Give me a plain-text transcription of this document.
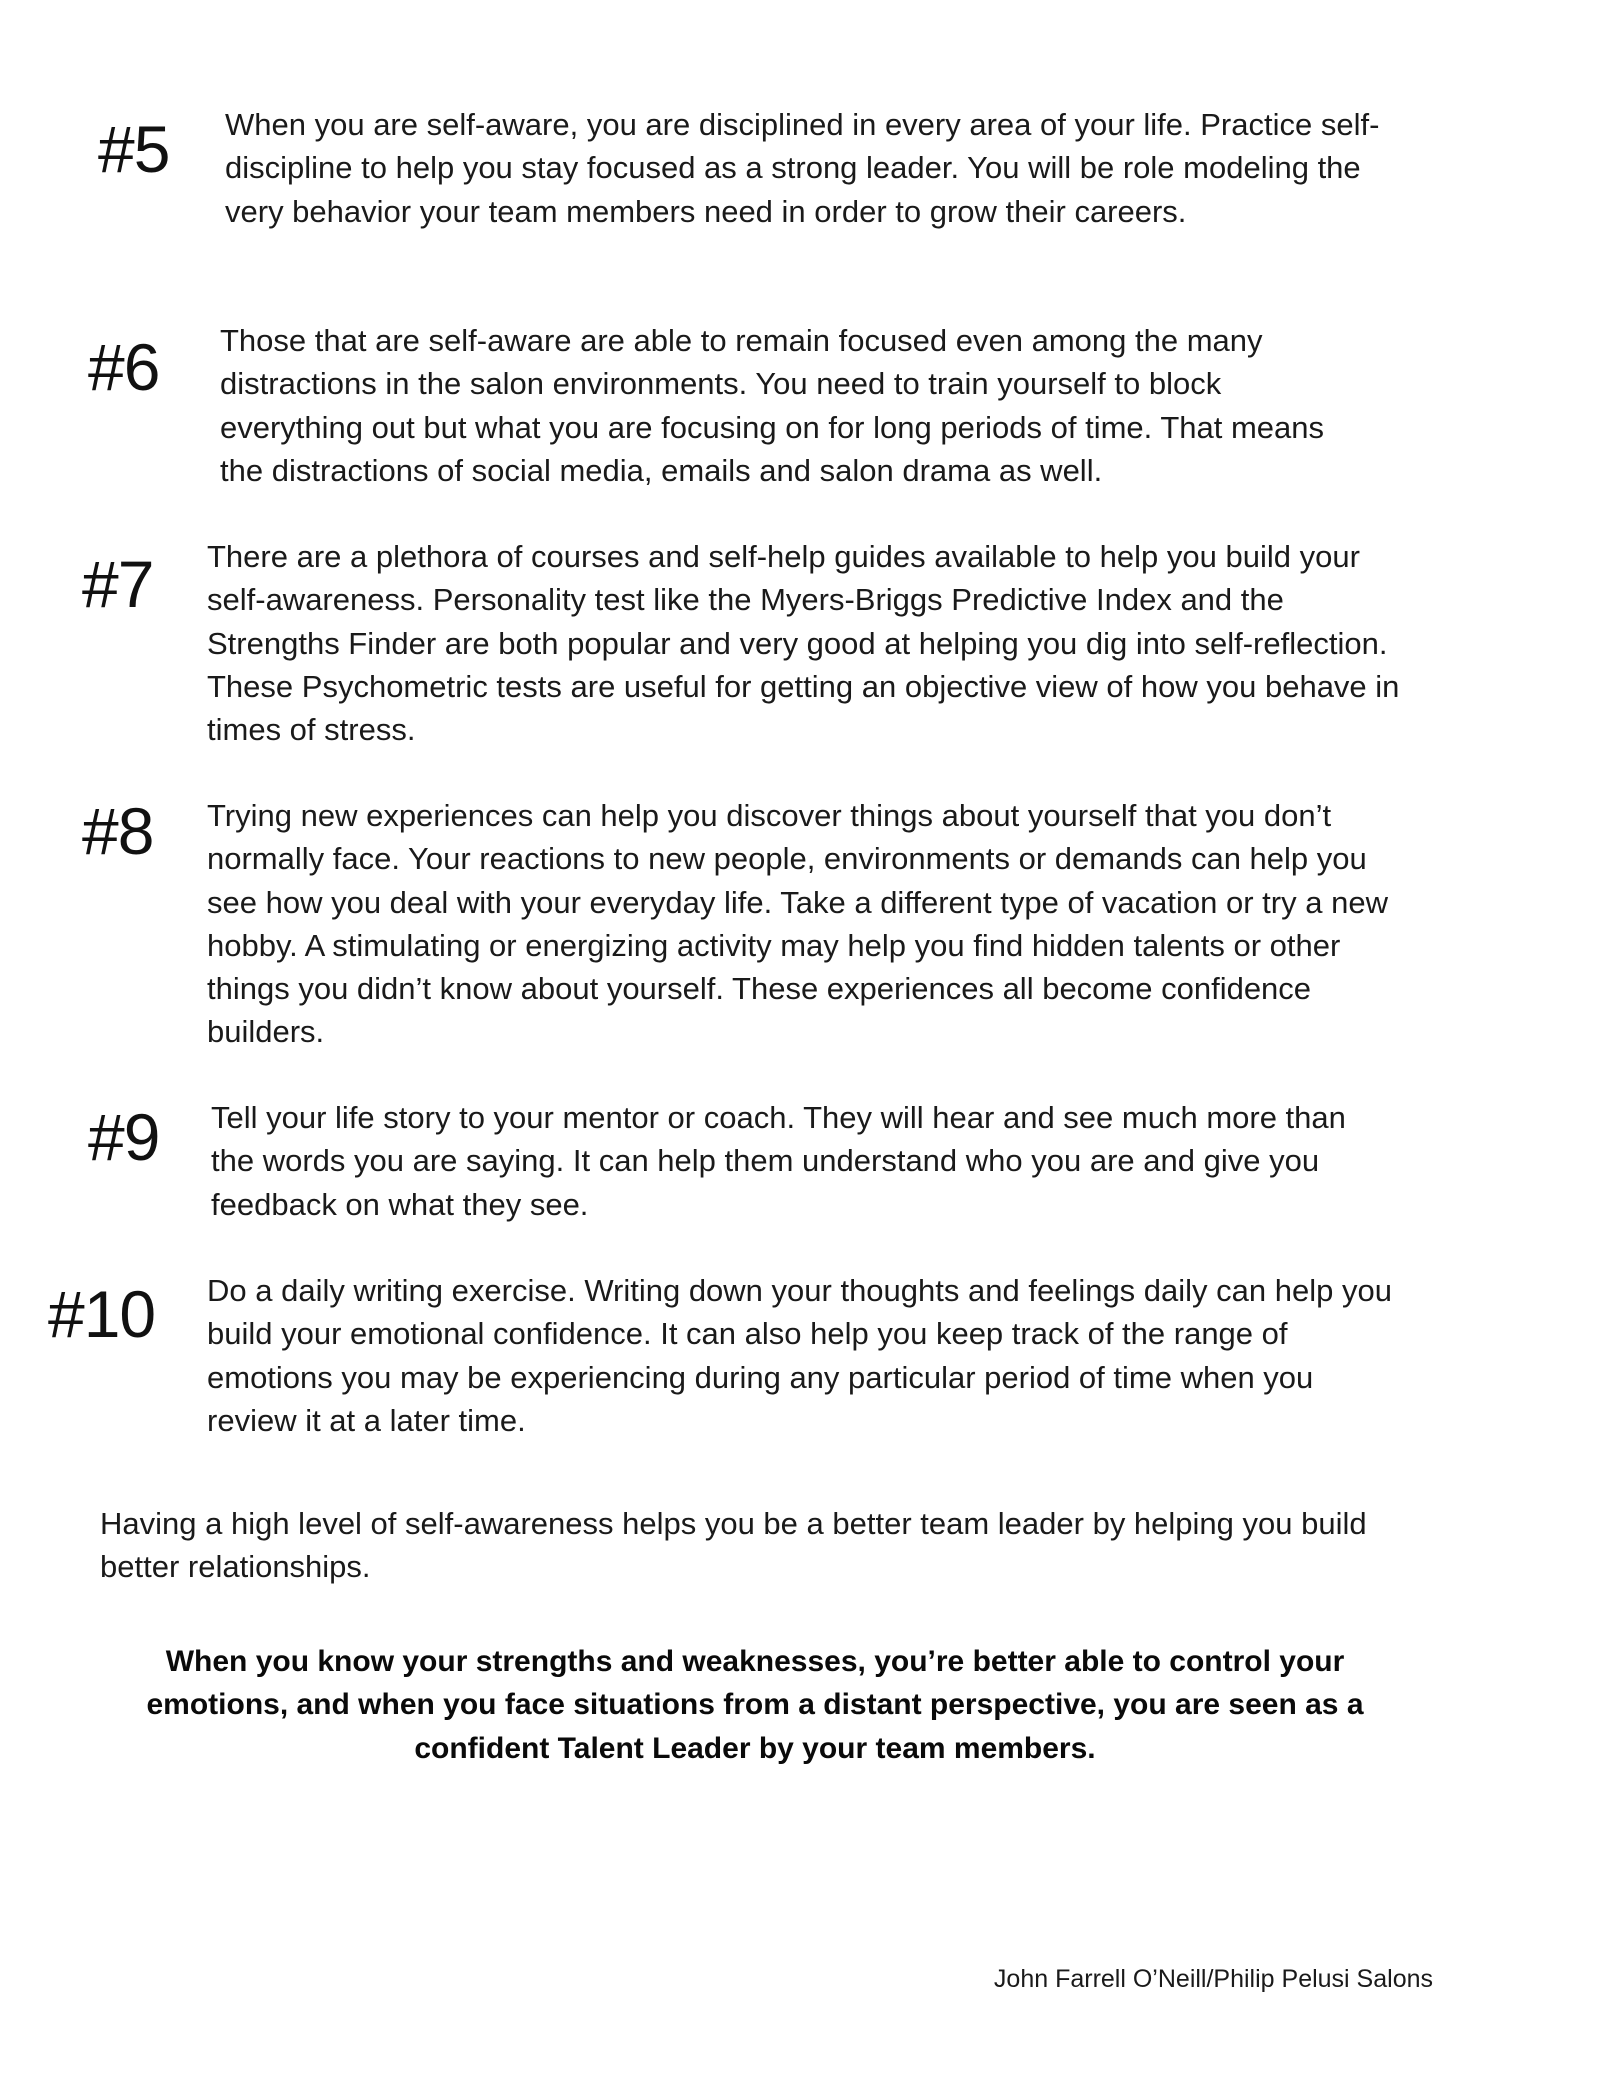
#5 When you are self-aware, you are disciplined in every area of your life. Practice self-discipline to help you stay focused as a strong leader. You will be role modeling the very behavior your team members need in order to grow their careers.
#6 Those that are self-aware are able to remain focused even among the many distractions in the salon environments. You need to train yourself to block everything out but what you are focusing on for long periods of time. That means the distractions of social media, emails and salon drama as well.
#7 There are a plethora of courses and self-help guides available to help you build your self-awareness. Personality test like the Myers-Briggs Predictive Index and the Strengths Finder are both popular and very good at helping you dig into self-reflection. These Psychometric tests are useful for getting an objective view of how you behave in times of stress.
#8 Trying new experiences can help you discover things about yourself that you don’t normally face. Your reactions to new people, environments or demands can help you see how you deal with your everyday life. Take a different type of vacation or try a new hobby. A stimulating or energizing activity may help you find hidden talents or other things you didn’t know about yourself. These experiences all become confidence builders.
#9 Tell your life story to your mentor or coach. They will hear and see much more than the words you are saying. It can help them understand who you are and give you feedback on what they see.
#10 Do a daily writing exercise. Writing down your thoughts and feelings daily can help you build your emotional confidence. It can also help you keep track of the range of emotions you may be experiencing during any particular period of time when you review it at a later time.
Having a high level of self-awareness helps you be a better team leader by helping you build better relationships.
When you know your strengths and weaknesses, you’re better able to control your emotions, and when you face situations from a distant perspective, you are seen as a confident Talent Leader by your team members.
John Farrell O’Neill/Philip Pelusi Salons
